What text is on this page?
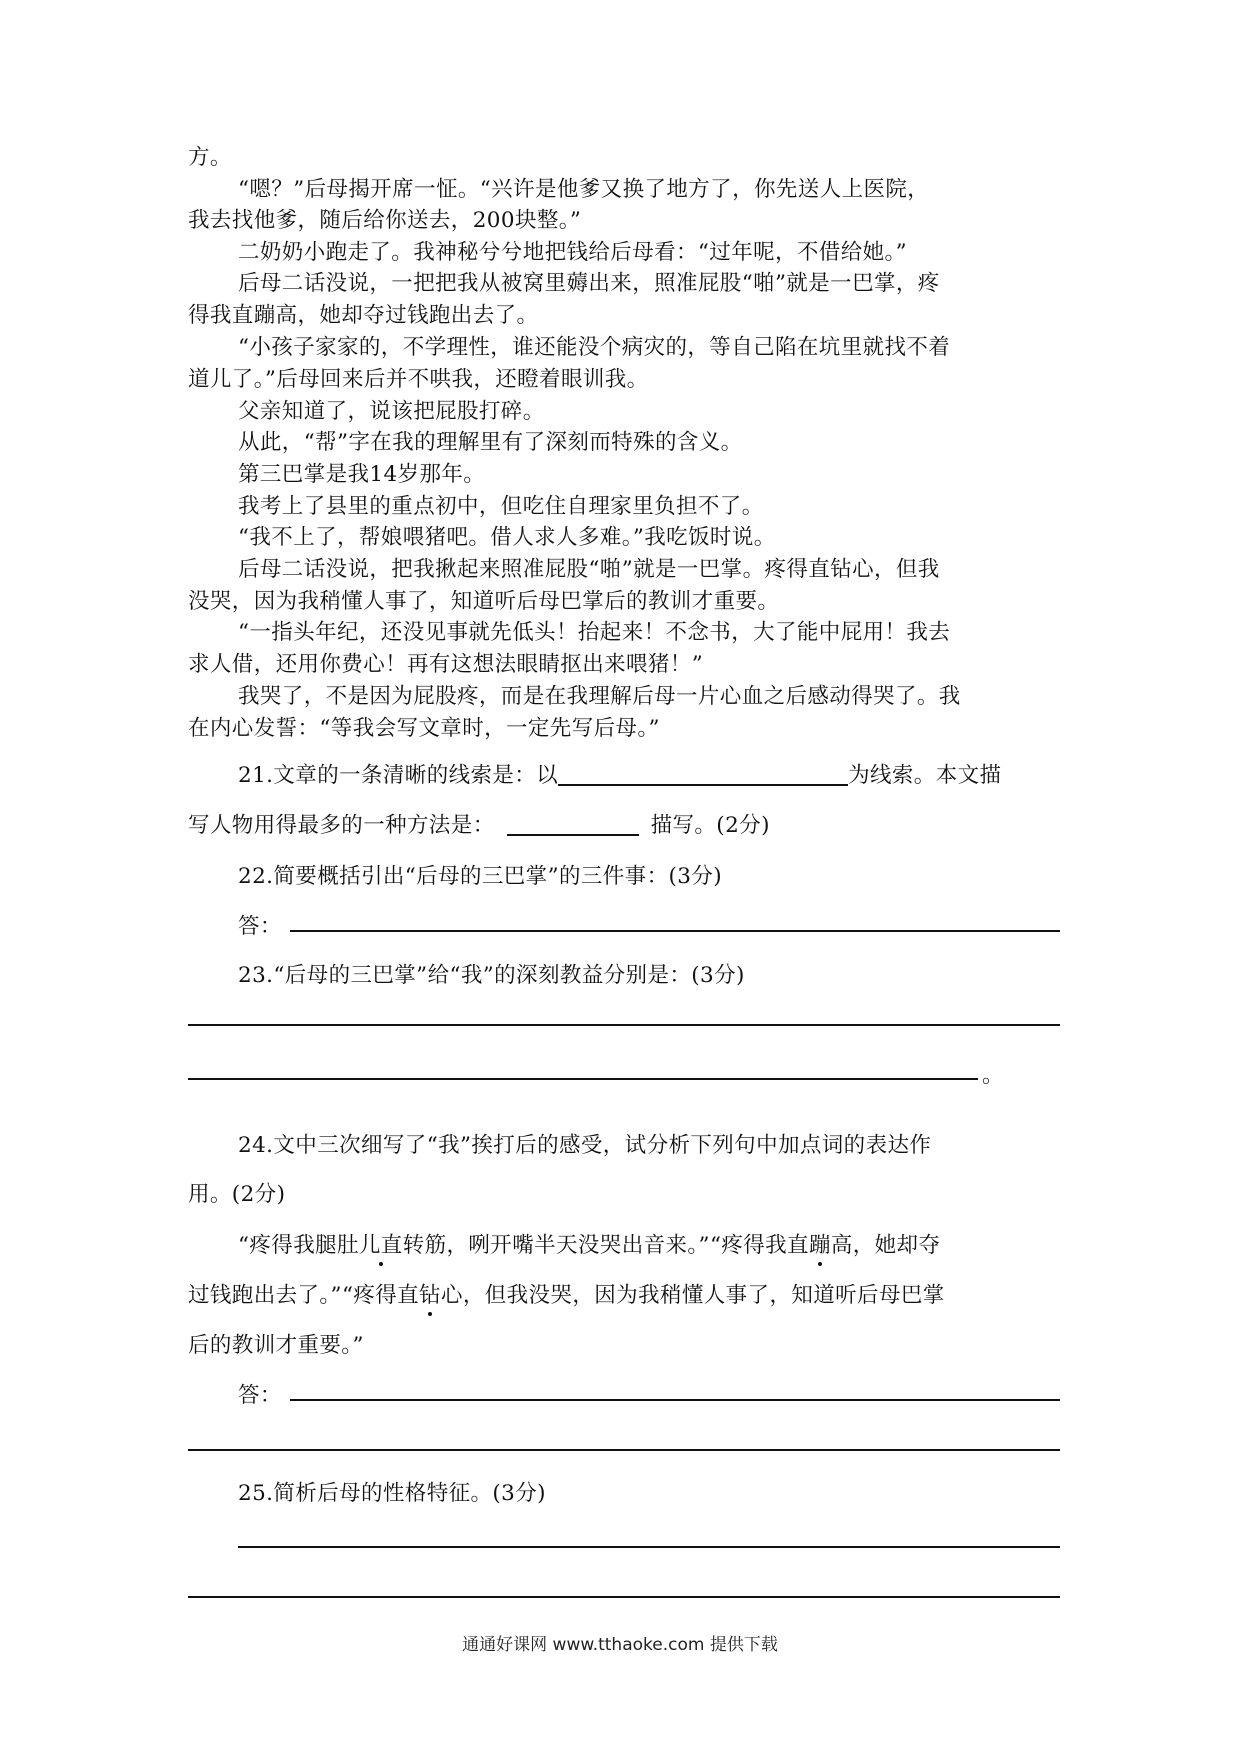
方。
“嗯？”后母揭开席一怔。“兴许是他爹又换了地方了，你先送人上医院，
我去找他爹，随后给你送去，200块整。”
二奶奶小跑走了。我神秘兮兮地把钱给后母看：“过年呢，不借给她。”
后母二话没说，一把把我从被窝里薅出来，照准屁股“啪”就是一巴掌，疼
得我直蹦高，她却夺过钱跑出去了。
“小孩子家家的，不学理性，谁还能没个病灾的，等自己陷在坑里就找不着
道儿了。”后母回来后并不哄我，还瞪着眼训我。
父亲知道了，说该把屁股打碎。
从此，“帮”字在我的理解里有了深刻而特殊的含义。
第三巴掌是我14岁那年。
我考上了县里的重点初中，但吃住自理家里负担不了。
“我不上了，帮娘喂猪吧。借人求人多难。”我吃饭时说。
后母二话没说，把我揪起来照准屁股“啪”就是一巴掌。疼得直钻心，但我
没哭，因为我稍懂人事了，知道听后母巴掌后的教训才重要。
“一指头年纪，还没见事就先低头！抬起来！不念书，大了能中屁用！我去
求人借，还用你费心！再有这想法眼睛抠出来喂猪！”
我哭了，不是因为屁股疼，而是在我理解后母一片心血之后感动得哭了。我
在内心发誓：“等我会写文章时，一定先写后母。”
21.文章的一条清晰的线索是：以	为线索。本文描
写人物用得最多的一种方法是：	描写。(2分)
22.简要概括引出“后母的三巴掌”的三件事：(3分)
答：
23.“后母的三巴掌”给“我”的深刻教益分别是：(3分)
。
24.文中三次细写了“我”挨打后的感受，试分析下列句中加点词的表达作
用。(2分)
“疼得我腿肚儿直转筋，咧开嘴半天没哭出音来。”“疼得我直蹦高，她却夺
过钱跑出去了。”“疼得直钻心，但我没哭，因为我稍懂人事了，知道听后母巴掌
后的教训才重要。”
答：
25.简析后母的性格特征。(3分)
通通好课网 www.tthaoke.com 提供下载
